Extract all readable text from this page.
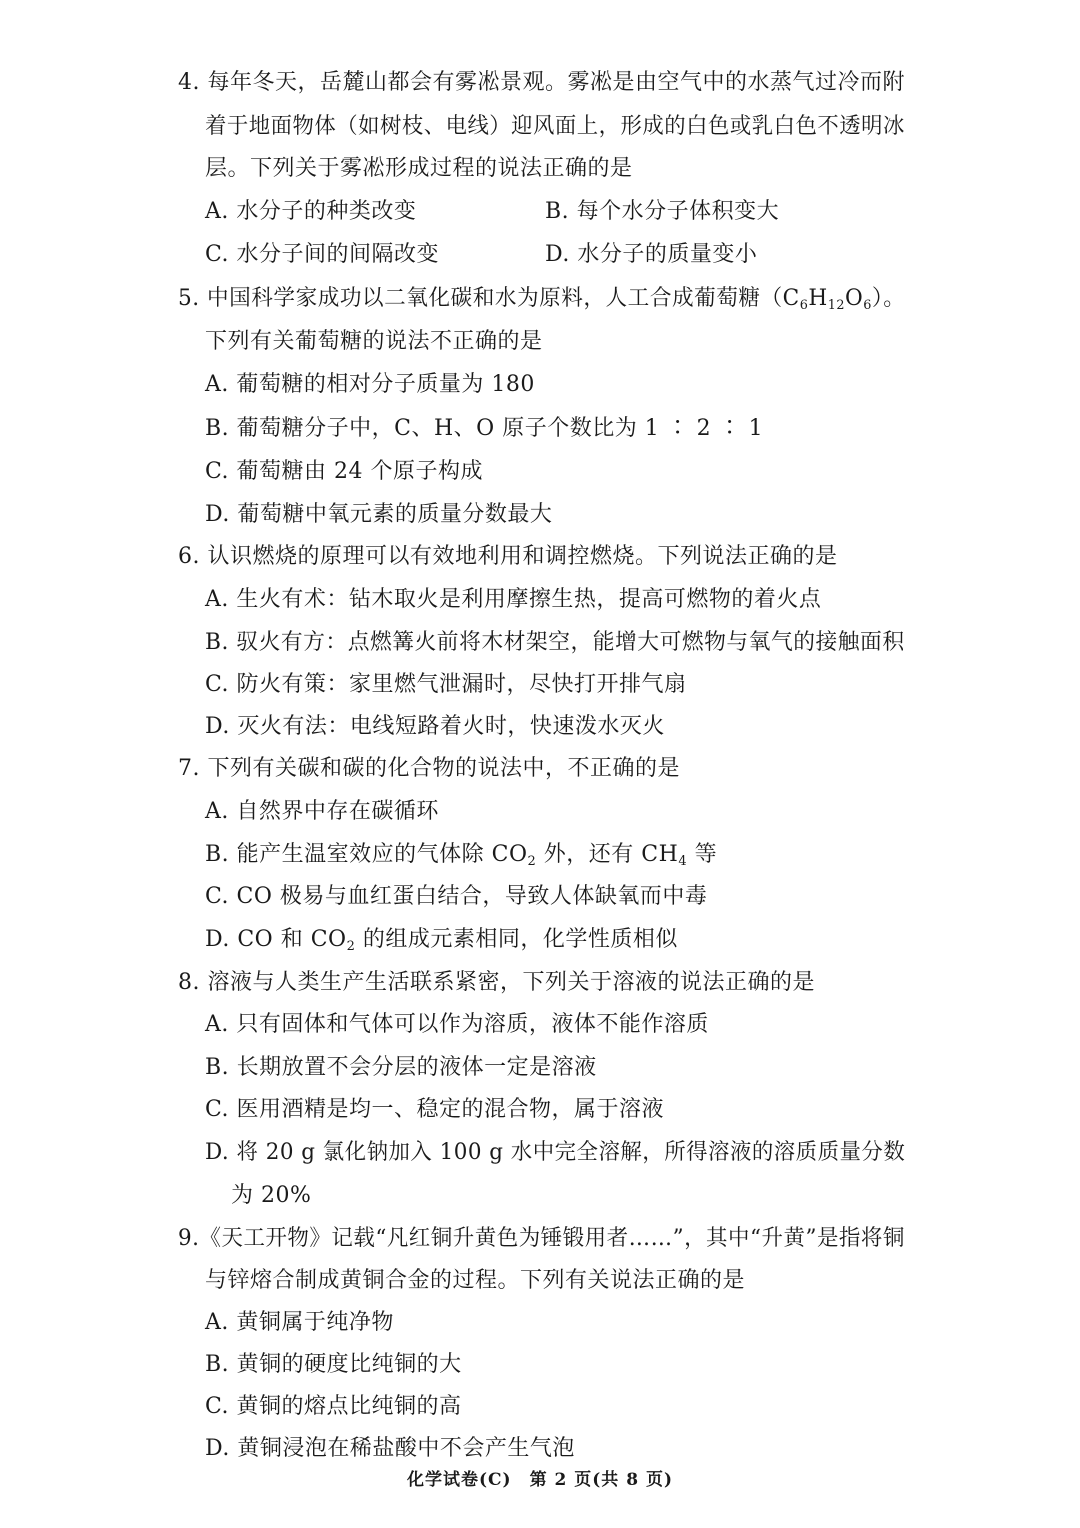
4. 每年冬天，岳麓山都会有雾凇景观。雾凇是由空气中的水蒸气过冷而附
着于地面物体（如树枝、电线）迎风面上，形成的白色或乳白色不透明冰
层。下列关于雾凇形成过程的说法正确的是
A. 水分子的种类改变	B. 每个水分子体积变大
C. 水分子间的间隔改变	D. 水分子的质量变小
5. 中国科学家成功以二氧化碳和水为原料，人工合成葡萄糖$(C_6H_{12}O_6)$。
下列有关葡萄糖的说法不正确的是
A. 葡萄糖的相对分子质量为 180
B. 葡萄糖分子中，C、H、O 原子个数比为 1 ∶ 2 ∶ 1
C. 葡萄糖由 24 个原子构成
D. 葡萄糖中氧元素的质量分数最大
6. 认识燃烧的原理可以有效地利用和调控燃烧。下列说法正确的是
A. 生火有术：钻木取火是利用摩擦生热，提高可燃物的着火点
B. 驭火有方：点燃篝火前将木材架空，能增大可燃物与氧气的接触面积
C. 防火有策：家里燃气泄漏时，尽快打开排气扇
D. 灭火有法：电线短路着火时，快速泼水灭火
7. 下列有关碳和碳的化合物的说法中，不正确的是
A. 自然界中存在碳循环
B. 能产生温室效应的气体除 $CO_2$ 外，还有 $CH_4$ 等
C. CO 极易与血红蛋白结合，导致人体缺氧而中毒
D. CO 和 $CO_2$ 的组成元素相同，化学性质相似
8. 溶液与人类生产生活联系紧密，下列关于溶液的说法正确的是
A. 只有固体和气体可以作为溶质，液体不能作溶质
B. 长期放置不会分层的液体一定是溶液
C. 医用酒精是均一、稳定的混合物，属于溶液
D. 将 20 g 氯化钠加入 100 g 水中完全溶解，所得溶液的溶质质量分数
为 20%
9.《天工开物》记载“凡红铜升黄色为锤锻用者……”，其中“升黄”是指将铜
与锌熔合制成黄铜合金的过程。下列有关说法正确的是
A. 黄铜属于纯净物
B. 黄铜的硬度比纯铜的大
C. 黄铜的熔点比纯铜的高
D. 黄铜浸泡在稀盐酸中不会产生气泡
化学试卷(C)　第 2 页(共 8 页)
